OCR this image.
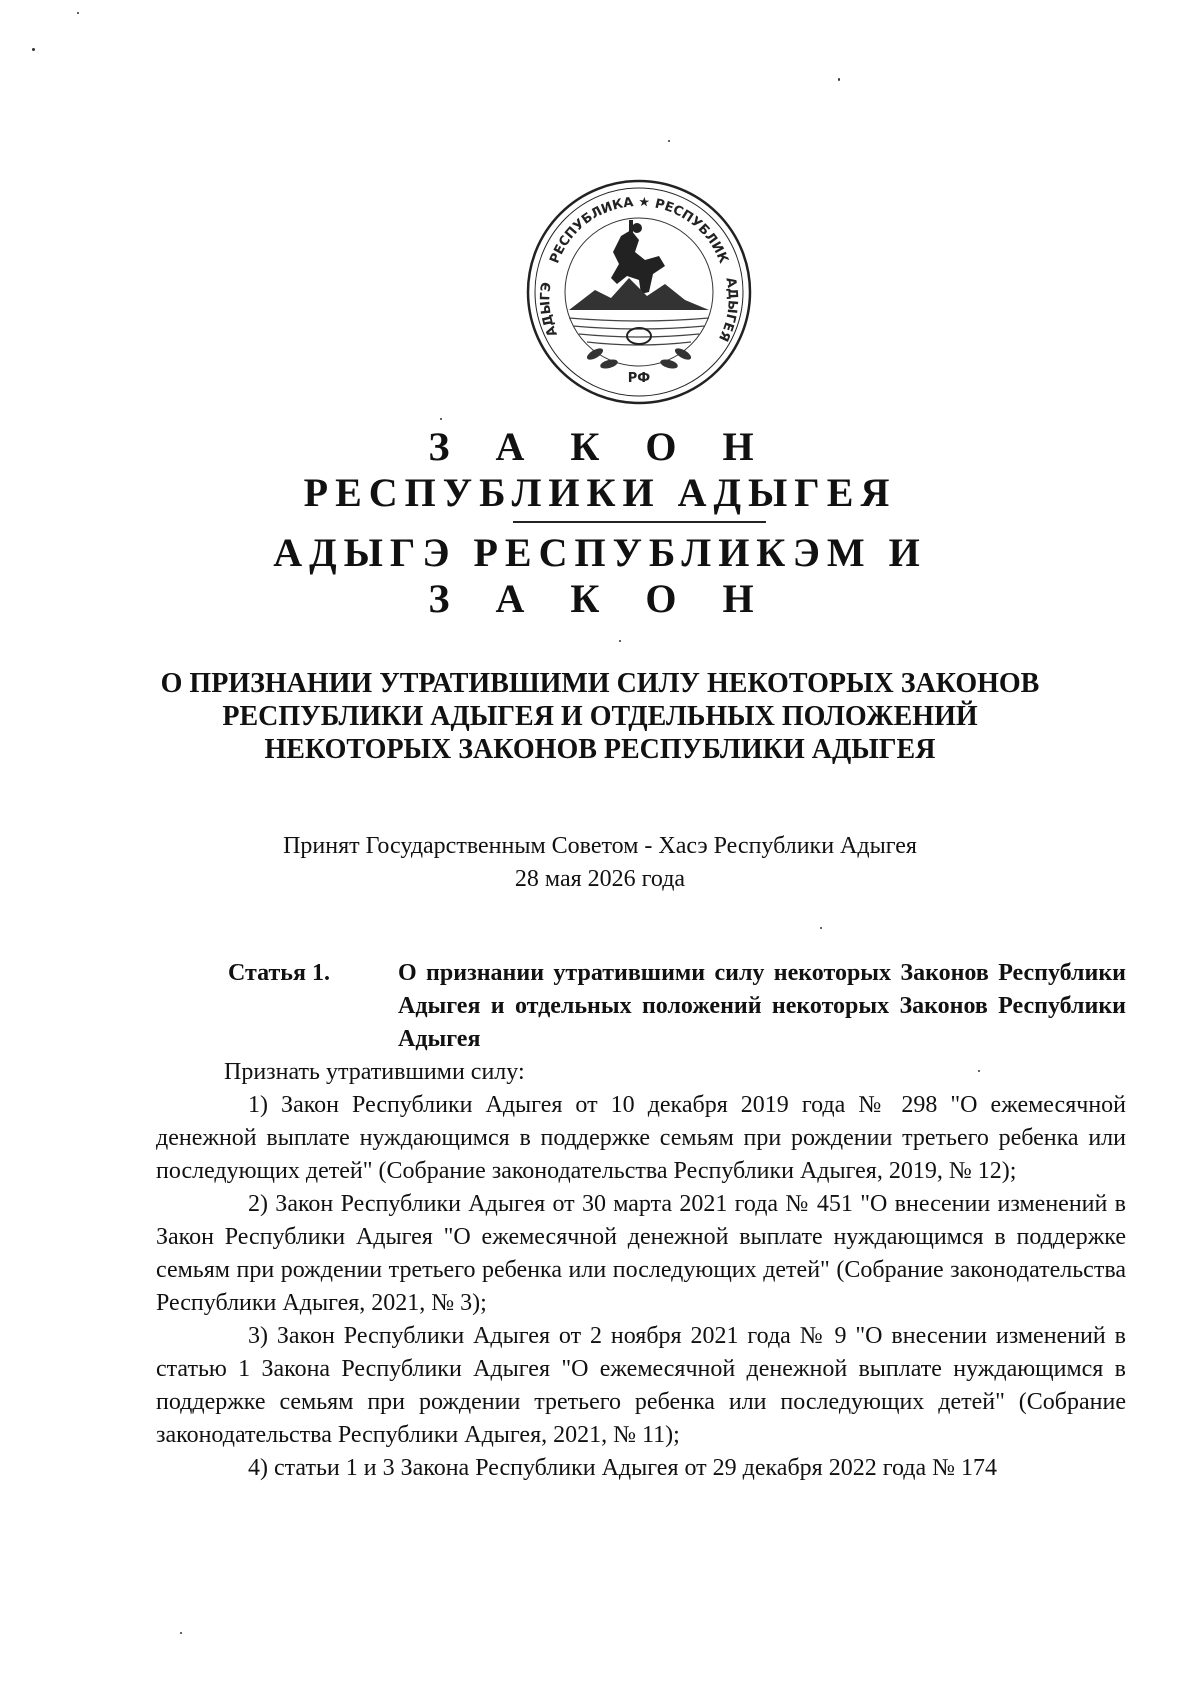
РЕСПУБЛИКА ★ РЕСПУБЛИК
АДЫГЭ	АДЫГЕЯ
РФ
З А К О Н
РЕСПУБЛИКИ АДЫГЕЯ
АДЫГЭ РЕСПУБЛИКЭМ И
З А К О Н
О ПРИЗНАНИИ УТРАТИВШИМИ СИЛУ НЕКОТОРЫХ ЗАКОНОВ
РЕСПУБЛИКИ АДЫГЕЯ И ОТДЕЛЬНЫХ ПОЛОЖЕНИЙ
НЕКОТОРЫХ ЗАКОНОВ РЕСПУБЛИКИ АДЫГЕЯ
Принят Государственным Советом - Хасэ Республики Адыгея
28 мая 2026 года
Статья 1.	О признании утратившими силу некоторых Законов Республики Адыгея и отдельных положений некоторых Законов Республики Адыгея

Признать утратившими силу:

1) Закон Республики Адыгея от 10 декабря 2019 года № 298 "О ежемесячной денежной выплате нуждающимся в поддержке семьям при рождении третьего ребенка или последующих детей" (Собрание законодательства Республики Адыгея, 2019, № 12);

2) Закон Республики Адыгея от 30 марта 2021 года № 451 "О внесении изменений в Закон Республики Адыгея "О ежемесячной денежной выплате нуждающимся в поддержке семьям при рождении третьего ребенка или последующих детей" (Собрание законодательства Республики Адыгея, 2021, № 3);

3) Закон Республики Адыгея от 2 ноября 2021 года № 9 "О внесении изменений в статью 1 Закона Республики Адыгея "О ежемесячной денежной выплате нуждающимся в поддержке семьям при рождении третьего ребенка или последующих детей" (Собрание законодательства Республики Адыгея, 2021, № 11);

4) статьи 1 и 3 Закона Республики Адыгея от 29 декабря 2022 года № 174
